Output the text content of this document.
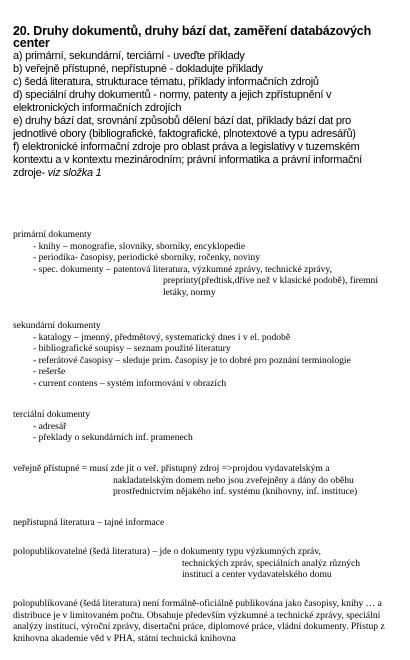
20. Druhy dokumentů, druhy bází dat, zaměření databázových
center

a) primární, sekundární, terciární - uveďte příklady

b) veřejně přístupné, nepřístupné - dokladujte příklady

c) šedá literatura, strukturace tématu, příklady informačních zdrojů

d) speciální druhy dokumentů - normy, patenty a jejich zpřístupnění v

elektronických informačních zdrojích

e) druhy bází dat, srovnání způsobů dělení bází dat, příklady bází dat pro

jednotlivé obory (bibliografické, faktografické, plnotextové a typu adresářů)

f) elektronické informační zdroje pro oblast práva a legislativy v tuzemském

kontextu a v kontextu mezinárodním; právní informatika a právní informační

zdroje- viz složka 1

primární dokumenty

- knihy – monografie, slovníky, sborníky, encyklopedie

- periodika- časopisy, periodické sborníky, ročenky, noviny

- spec. dokumenty – patentová literatura, výzkumné zprávy, technické zprávy,

preprinty(předtisk,dříve než v klasické podobě), firemní

letáky, normy

sekundární dokumenty

- katalogy – jmenný, předmětový, systematický dnes i v el. podobě

- bibliografické soupisy – seznam použité literatury

- referátové časopisy – sleduje prim. časopisy je to dobré pro poznání terminologie

- rešerše

- current contens – systém informování v obrazích

terciální dokumenty

- adresář

- překlady o sekundárních inf. pramenech

veřejně přístupné = musí zde jít o veř. přístupný zdroj =>projdou vydavatelským a

nakladatelským domem nebo jsou zveřejněny a dány do oběhu

prostřednictvím nějakého inf. systému (knihovny, inf. instituce)

nepřístupná literatura – tajné informace

polopublikovatelné (šedá literatura) – jde o dokumenty typu výzkumných zpráv,

technických zpráv, speciálních analýz různých

institucí a center vydavatelského domu

polopublikované (šedá literatura) není formálně-oficiálně publikována jako časopisy, knihy … a distribuce je v limitovaném počtu. Obsahuje především výzkumné a technické zprávy, speciální analýzy institucí, výroční zprávy, disertační práce, diplomové práce, vládní dokumenty. Přístup z knihovna akademie věd v PHA, státní technická knihovna
